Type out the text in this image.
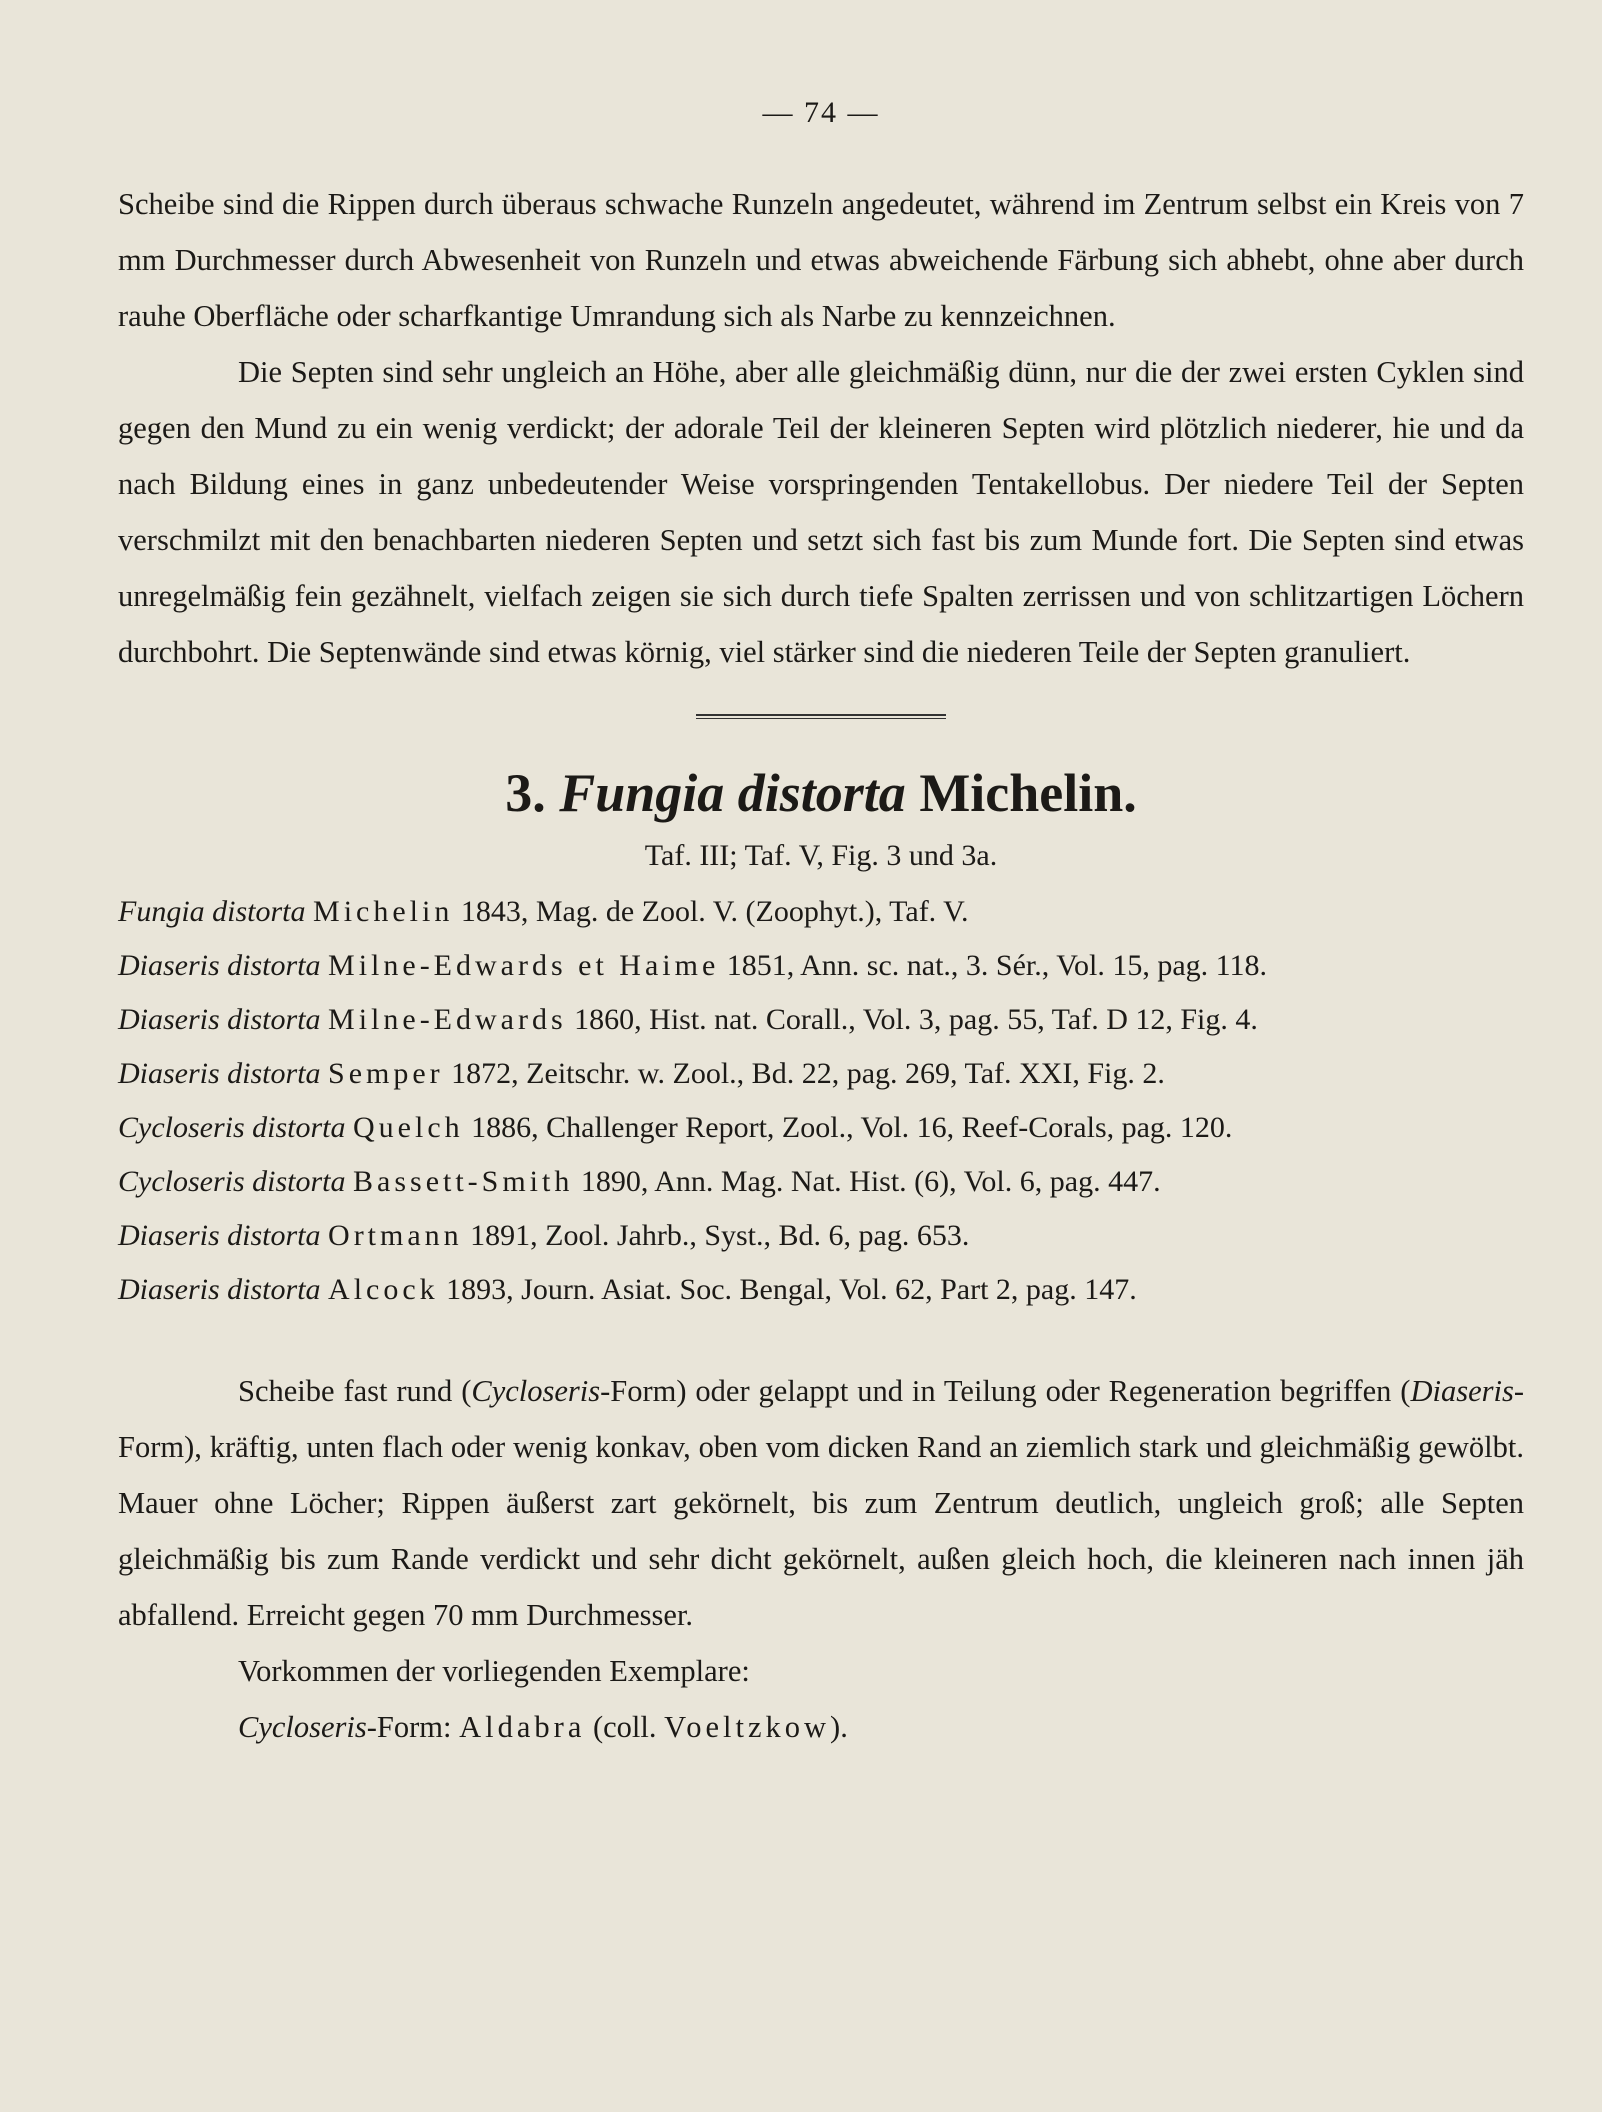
— 74 —

Scheibe sind die Rippen durch überaus schwache Runzeln angedeutet, während im Zentrum selbst ein Kreis von 7 mm Durchmesser durch Abwesenheit von Runzeln und etwas abweichende Färbung sich abhebt, ohne aber durch rauhe Oberfläche oder scharfkantige Umrandung sich als Narbe zu kennzeichnen.

Die Septen sind sehr ungleich an Höhe, aber alle gleichmäßig dünn, nur die der zwei ersten Cyklen sind gegen den Mund zu ein wenig verdickt; der adorale Teil der kleineren Septen wird plötzlich niederer, hie und da nach Bildung eines in ganz unbedeutender Weise vorspringenden Tentakellobus. Der niedere Teil der Septen verschmilzt mit den benachbarten niederen Septen und setzt sich fast bis zum Munde fort. Die Septen sind etwas unregelmäßig fein gezähnelt, vielfach zeigen sie sich durch tiefe Spalten zerrissen und von schlitzartigen Löchern durchbohrt. Die Septenwände sind etwas körnig, viel stärker sind die niederen Teile der Septen granuliert.

3. Fungia distorta Michelin.
Taf. III; Taf. V, Fig. 3 und 3a.
Fungia distorta Michelin 1843, Mag. de Zool. V. (Zoophyt.), Taf. V.
Diaseris distorta Milne-Edwards et Haime 1851, Ann. sc. nat., 3. Sér., Vol. 15, pag. 118.
Diaseris distorta Milne-Edwards 1860, Hist. nat. Corall., Vol. 3, pag. 55, Taf. D 12, Fig. 4.
Diaseris distorta Semper 1872, Zeitschr. w. Zool., Bd. 22, pag. 269, Taf. XXI, Fig. 2.
Cycloseris distorta Quelch 1886, Challenger Report, Zool., Vol. 16, Reef-Corals, pag. 120.
Cycloseris distorta Bassett-Smith 1890, Ann. Mag. Nat. Hist. (6), Vol. 6, pag. 447.
Diaseris distorta Ortmann 1891, Zool. Jahrb., Syst., Bd. 6, pag. 653.
Diaseris distorta Alcock 1893, Journ. Asiat. Soc. Bengal, Vol. 62, Part 2, pag. 147.

Scheibe fast rund (Cycloseris-Form) oder gelappt und in Teilung oder Regeneration begriffen (Diaseris-Form), kräftig, unten flach oder wenig konkav, oben vom dicken Rand an ziemlich stark und gleichmäßig gewölbt. Mauer ohne Löcher; Rippen äußerst zart gekörnelt, bis zum Zentrum deutlich, ungleich groß; alle Septen gleichmäßig bis zum Rande verdickt und sehr dicht gekörnelt, außen gleich hoch, die kleineren nach innen jäh abfallend. Erreicht gegen 70 mm Durchmesser.

Vorkommen der vorliegenden Exemplare:

Cycloseris-Form: Aldabra (coll. Voeltzkow).
